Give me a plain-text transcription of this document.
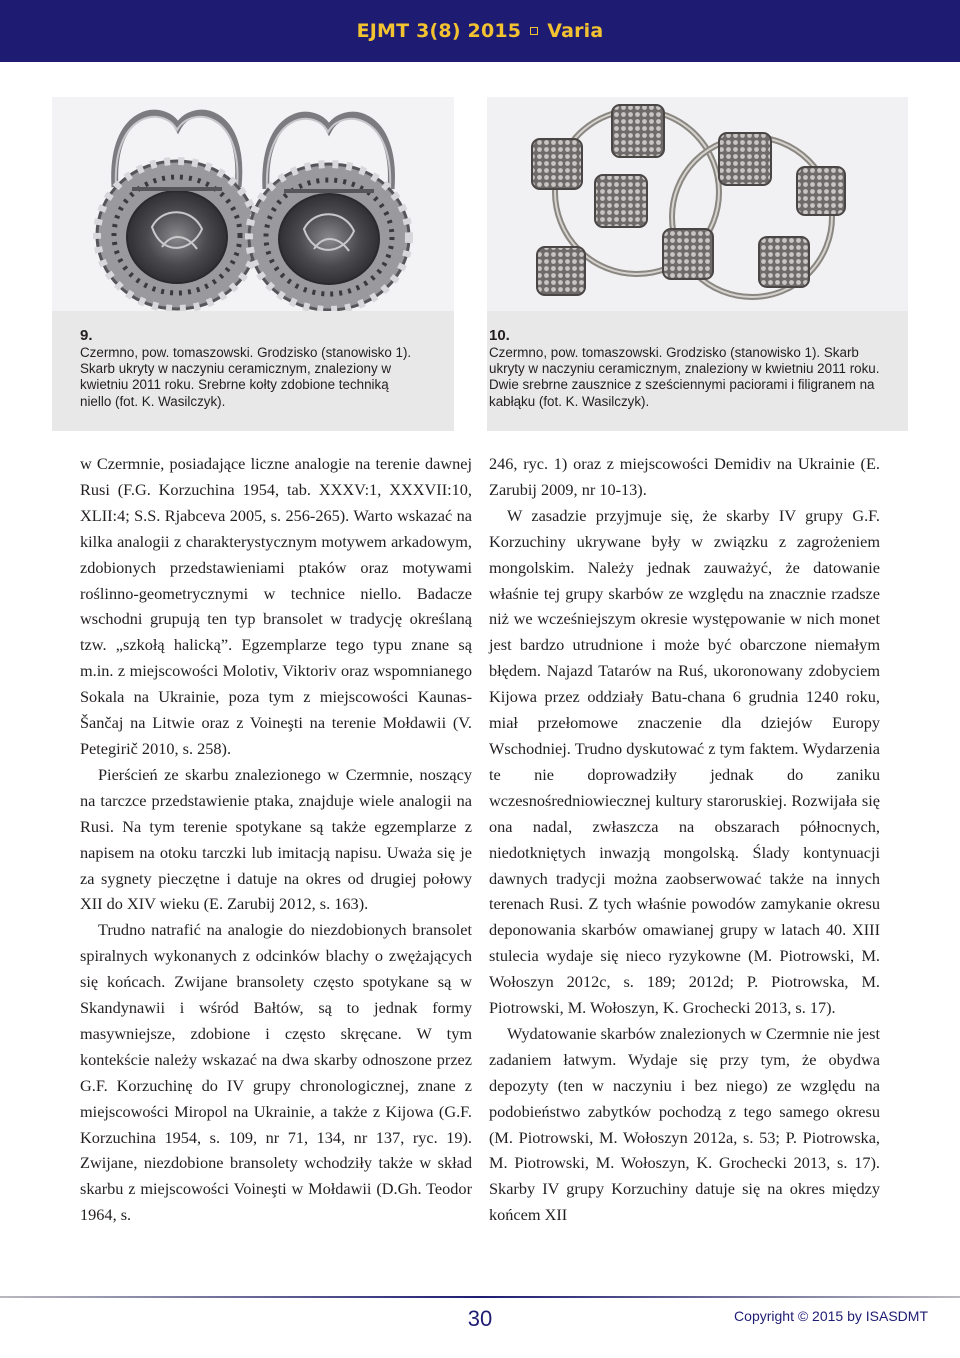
EJMT 3(8) 2015 Varia
9.
Czermno, pow. tomaszowski. Grodzisko (stanowisko 1). Skarb ukryty w naczyniu ceramicznym, znaleziony w kwietniu 2011 roku. Srebrne kołty zdobione techniką niello (fot. K. Wasilczyk).
10.
Czermno, pow. tomaszowski. Grodzisko (stanowisko 1). Skarb ukryty w naczyniu ceramicznym, znaleziony w kwietniu 2011 roku. Dwie srebrne zausznice z sześciennymi paciorami i filigranem na kabłąku (fot. K. Wasilczyk).

w Czermnie, posiadające liczne analogie na terenie dawnej Rusi (F.G. Korzuchina 1954, tab. XXXV:1, XXXVII:10, XLII:4; S.S. Rjabceva 2005, s. 256-265). Warto wskazać na kilka analogii z charakterystycznym motywem arkadowym, zdobionych przedstawieniami ptaków oraz motywami roślinno-geometrycznymi w technice niello. Badacze wschodni grupują ten typ bransolet w tradycję określaną tzw. „szkołą halicką”. Egzemplarze tego typu znane są m.in. z miejscowości Molotiv, Viktoriv oraz wspomnianego Sokala na Ukrainie, poza tym z miejscowości Kaunas-Šančaj na Litwie oraz z Voineşti na terenie Mołdawii (V. Petegirič 2010, s. 258).

Pierścień ze skarbu znalezionego w Czermnie, noszący na tarczce przedstawienie ptaka, znajduje wiele analogii na Rusi. Na tym terenie spotykane są także egzemplarze z napisem na otoku tarczki lub imitacją napisu. Uważa się je za sygnety pieczętne i datuje na okres od drugiej połowy XII do XIV wieku (E. Zarubij 2012, s. 163).

Trudno natrafić na analogie do niezdobionych bransolet spiralnych wykonanych z odcinków blachy o zwężających się końcach. Zwijane bransolety często spotykane są w Skandynawii i wśród Bałtów, są to jednak formy masywniejsze, zdobione i często skręcane. W tym kontekście należy wskazać na dwa skarby odnoszone przez G.F. Korzuchinę do IV grupy chronologicznej, znane z miejscowości Miropol na Ukrainie, a także z Kijowa (G.F. Korzuchina 1954, s. 109, nr 71, 134, nr 137, ryc. 19). Zwijane, niezdobione bransolety wchodziły także w skład skarbu z miejscowości Voineşti w Mołdawii (D.Gh. Teodor 1964, s.

246, ryc. 1) oraz z miejscowości Demidiv na Ukrainie (E. Zarubij 2009, nr 10-13).

W zasadzie przyjmuje się, że skarby IV grupy G.F. Korzuchiny ukrywane były w związku z zagrożeniem mongolskim. Należy jednak zauważyć, że datowanie właśnie tej grupy skarbów ze względu na znacznie rzadsze niż we wcześniejszym okresie występowanie w nich monet jest bardzo utrudnione i może być obarczone niemałym błędem. Najazd Tatarów na Ruś, ukoronowany zdobyciem Kijowa przez oddziały Batu-chana 6 grudnia 1240 roku, miał przełomowe znaczenie dla dziejów Europy Wschodniej. Trudno dyskutować z tym faktem. Wydarzenia te nie doprowadziły jednak do zaniku wczesnośredniowiecznej kultury staroruskiej. Rozwijała się ona nadal, zwłaszcza na obszarach północnych, niedotkniętych inwazją mongolską. Ślady kontynuacji dawnych tradycji można zaobserwować także na innych terenach Rusi. Z tych właśnie powodów zamykanie okresu deponowania skarbów omawianej grupy w latach 40. XIII stulecia wydaje się nieco ryzykowne (M. Piotrowski, M. Wołoszyn 2012c, s. 189; 2012d; P. Piotrowska, M. Piotrowski, M. Wołoszyn, K. Grochecki 2013, s. 17).

Wydatowanie skarbów znalezionych w Czermnie nie jest zadaniem łatwym. Wydaje się przy tym, że obydwa depozyty (ten w naczyniu i bez niego) ze względu na podobieństwo zabytków pochodzą z tego samego okresu (M. Piotrowski, M. Wołoszyn 2012a, s. 53; P. Piotrowska, M. Piotrowski, M. Wołoszyn, K. Grochecki 2013, s. 17). Skarby IV grupy Korzuchiny datuje się na okres między końcem XII

30	Copyright © 2015 by ISASDMT
